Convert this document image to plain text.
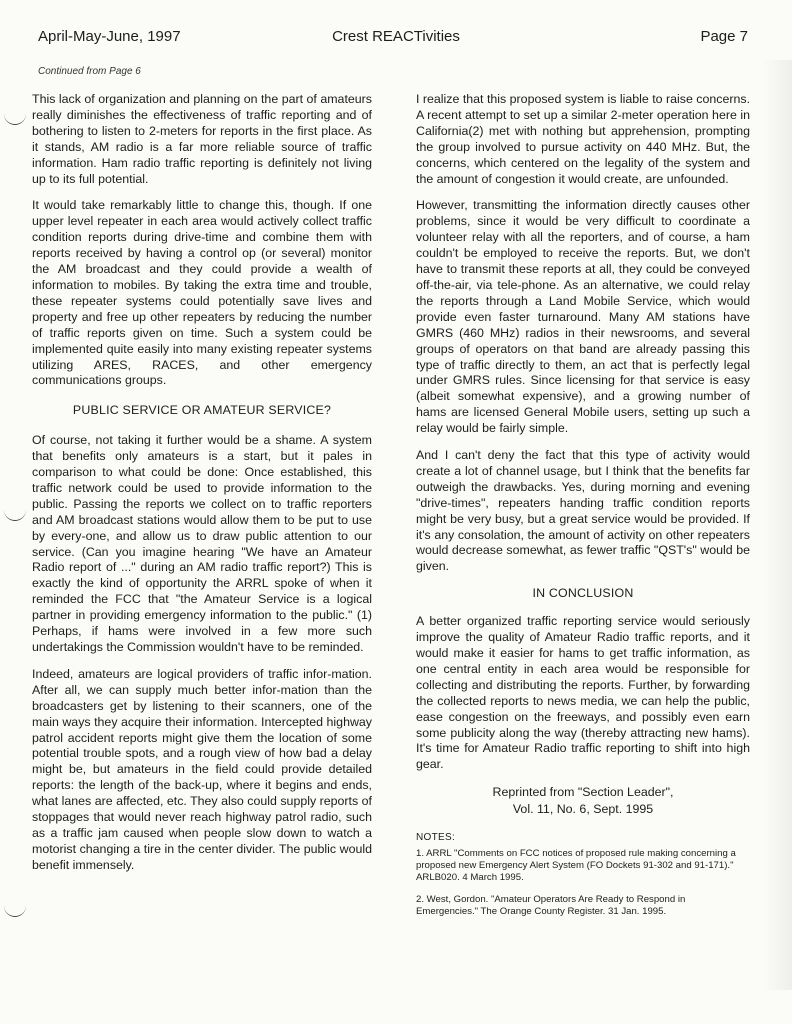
April-May-June, 1997	Crest REACTivities	Page 7
Continued from Page 6

This lack of organization and planning on the part of amateurs really diminishes the effectiveness of traffic reporting and of bothering to listen to 2-meters for reports in the first place. As it stands, AM radio is a far more reliable source of traffic information. Ham radio traffic reporting is definitely not living up to its full potential.

It would take remarkably little to change this, though. If one upper level repeater in each area would actively collect traffic condition reports during drive-time and combine them with reports received by having a control op (or several) monitor the AM broadcast and they could provide a wealth of information to mobiles. By taking the extra time and trouble, these repeater systems could potentially save lives and property and free up other repeaters by reducing the number of traffic reports given on time. Such a system could be implemented quite easily into many existing repeater systems utilizing ARES, RACES, and other emergency communications groups.

PUBLIC SERVICE OR AMATEUR SERVICE?

Of course, not taking it further would be a shame. A system that benefits only amateurs is a start, but it pales in comparison to what could be done: Once established, this traffic network could be used to provide information to the public. Passing the reports we collect on to traffic reporters and AM broadcast stations would allow them to be put to use by every-one, and allow us to draw public attention to our service. (Can you imagine hearing "We have an Amateur Radio report of ..." during an AM radio traffic report?) This is exactly the kind of opportunity the ARRL spoke of when it reminded the FCC that "the Amateur Service is a logical partner in providing emergency information to the public." (1) Perhaps, if hams were involved in a few more such undertakings the Commission wouldn't have to be reminded.

Indeed, amateurs are logical providers of traffic infor-mation. After all, we can supply much better infor-mation than the broadcasters get by listening to their scanners, one of the main ways they acquire their information. Intercepted highway patrol accident reports might give them the location of some potential trouble spots, and a rough view of how bad a delay might be, but amateurs in the field could provide detailed reports: the length of the back-up, where it begins and ends, what lanes are affected, etc. They also could supply reports of stoppages that would never reach highway patrol radio, such as a traffic jam caused when people slow down to watch a motorist changing a tire in the center divider. The public would benefit immensely.

I realize that this proposed system is liable to raise concerns. A recent attempt to set up a similar 2-meter operation here in California(2) met with nothing but apprehension, prompting the group involved to pursue activity on 440 MHz. But, the concerns, which centered on the legality of the system and the amount of congestion it would create, are unfounded.

However, transmitting the information directly causes other problems, since it would be very difficult to coordinate a volunteer relay with all the reporters, and of course, a ham couldn't be employed to receive the reports. But, we don't have to transmit these reports at all, they could be conveyed off-the-air, via tele-phone. As an alternative, we could relay the reports through a Land Mobile Service, which would provide even faster turnaround. Many AM stations have GMRS (460 MHz) radios in their newsrooms, and several groups of operators on that band are already passing this type of traffic directly to them, an act that is perfectly legal under GMRS rules. Since licensing for that service is easy (albeit somewhat expensive), and a growing number of hams are licensed General Mobile users, setting up such a relay would be fairly simple.

And I can't deny the fact that this type of activity would create a lot of channel usage, but I think that the benefits far outweigh the drawbacks. Yes, during morning and evening "drive-times", repeaters handing traffic condition reports might be very busy, but a great service would be provided. If it's any consolation, the amount of activity on other repeaters would decrease somewhat, as fewer traffic "QST's" would be given.

IN CONCLUSION

A better organized traffic reporting service would seriously improve the quality of Amateur Radio traffic reports, and it would make it easier for hams to get traffic information, as one central entity in each area would be responsible for collecting and distributing the reports. Further, by forwarding the collected reports to news media, we can help the public, ease congestion on the freeways, and possibly even earn some publicity along the way (thereby attracting new hams). It's time for Amateur Radio traffic reporting to shift into high gear.

Reprinted from "Section Leader",
Vol. 11, No. 6, Sept. 1995
NOTES:
1. ARRL "Comments on FCC notices of proposed rule making concerning a proposed new Emergency Alert System (FO Dockets 91-302 and 91-171)." ARLB020. 4 March 1995.
2. West, Gordon. "Amateur Operators Are Ready to Respond in Emergencies." The Orange County Register. 31 Jan. 1995.
